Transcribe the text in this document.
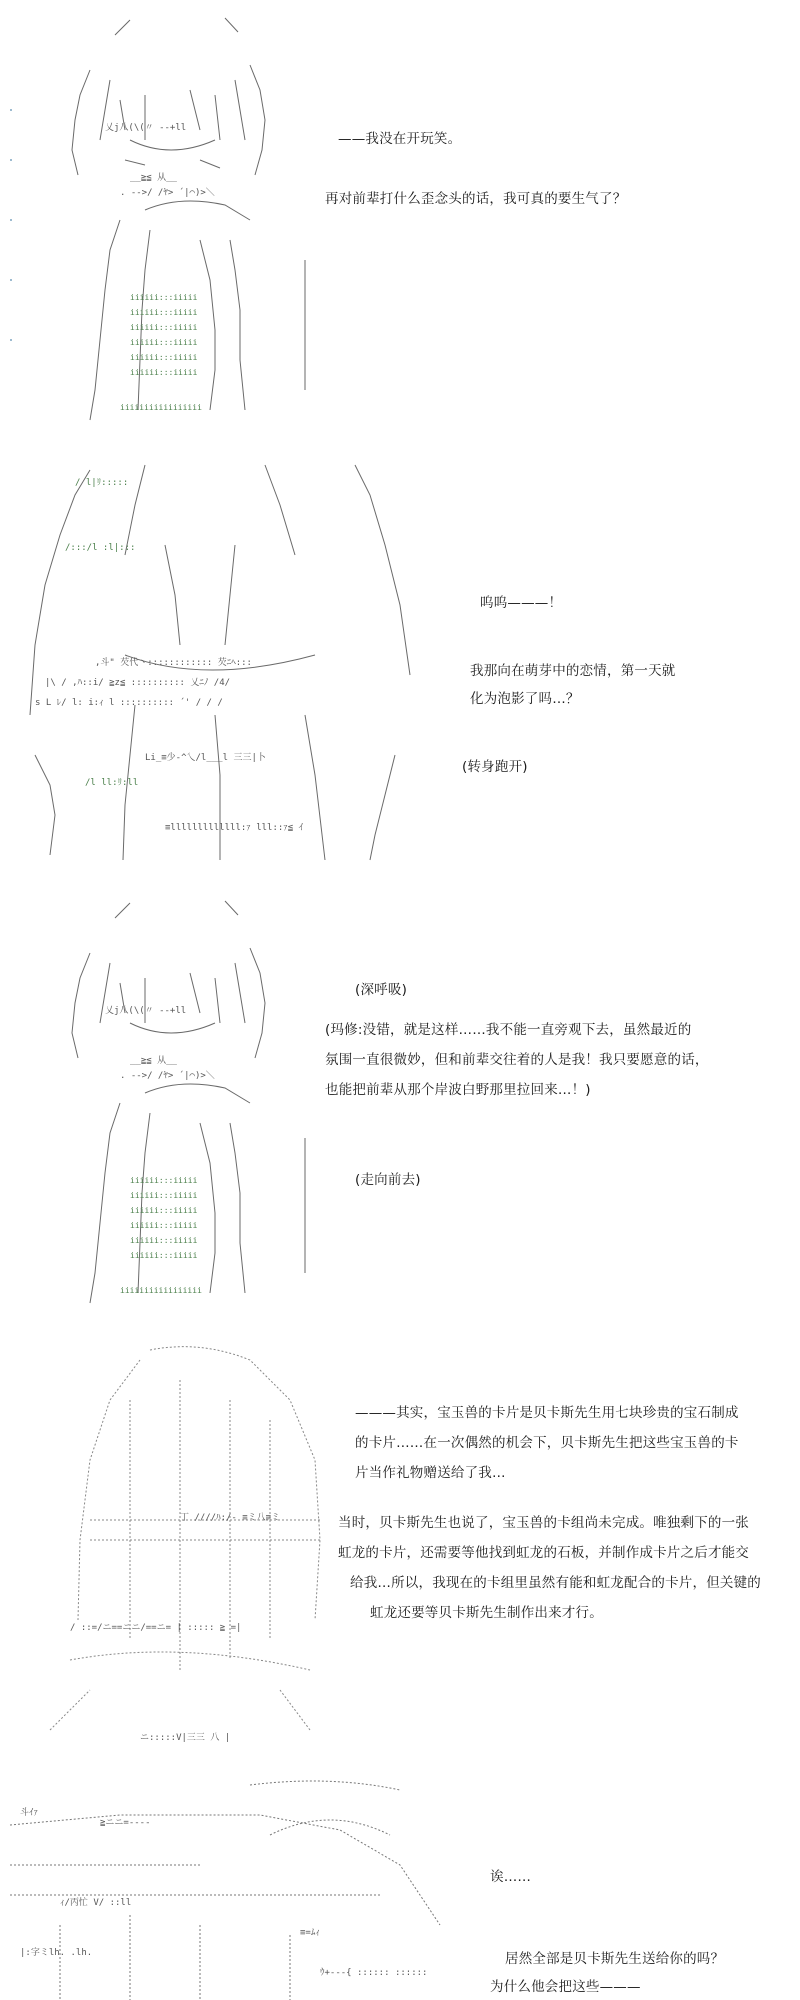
iiiiii:::iiiii
iiiiii:::iiiii
iiiiii:::iiiii
iiiiii:::iiiii
iiiiii:::iiiii
iiiiii:::iiiii
iiiiiiiiiiiiiiiii
乂j八(\(〃 --+ll
__≧≦ 从__
. -->/ /ﾔ> ´|⌒)>＼
——我没在开玩笑。
再对前辈打什么歪念头的话，我可真的要生气了？
/ l|ﾘ:::::
/:::/l :l|:::
/l ll:ﾘ:ll
,斗" 芡代丶:::::::::::: 芡ﾆﾍ:::
|\ / ,ﾊ::i/ ≧z≦ :::::::::: 乂ﾆﾉ /4/
s L ﾚ/ l: i:ｨ l :::::::::: ´' / / /
Li_≡少-^乀/l___l 三三|卜
≡lllllllllllll:ｧ lll::ｧ≦ ｲ
呜呜———！
我那向在萌芽中的恋情，第一天就
化为泡影了吗…？
(转身跑开)
iiiiii:::iiiii
iiiiii:::iiiii
iiiiii:::iiiii
iiiiii:::iiiii
iiiiii:::iiiii
iiiiii:::iiiii
iiiiiiiiiiiiiiiii
乂j八(\(〃 --+ll
__≧≦ 从__
. -->/ /ﾔ> ´|⌒)>＼
(深呼吸)
(玛修:没错，就是这样……我不能一直旁观下去，虽然最近的
氛围一直很微妙，但和前辈交往着的人是我！我只要愿意的话，
也能把前辈从那个岸波白野那里拉回来…！)
(走向前去)
丁 ////ﾊ:/- ≡ミ八≡ミ
/ ::=/ニ==ニニ/==ニ= | ::::: ≧ =|
ニ:::::V|三三 八 |
———其实，宝玉兽的卡片是贝卡斯先生用七块珍贵的宝石制成
的卡片……在一次偶然的机会下，贝卡斯先生把这些宝玉兽的卡
片当作礼物赠送给了我…
当时，贝卡斯先生也说了，宝玉兽的卡组尚未完成。唯独剩下的一张
虹龙的卡片，还需要等他找到虹龙的石板，并制作成卡片之后才能交
给我…所以，我现在的卡组里虽然有能和虹龙配合的卡片，但关键的
虹龙还要等贝卡斯先生制作出来才行。
斗ｲｧ
≧ニニ=----
ｨ/丙忙 V/ ::ll
|:字ミlh. .lh.
≡=ﾑｨ
ｳ+---{ :::::: ::::::
诶……
居然全部是贝卡斯先生送给你的吗？
为什么他会把这些———
